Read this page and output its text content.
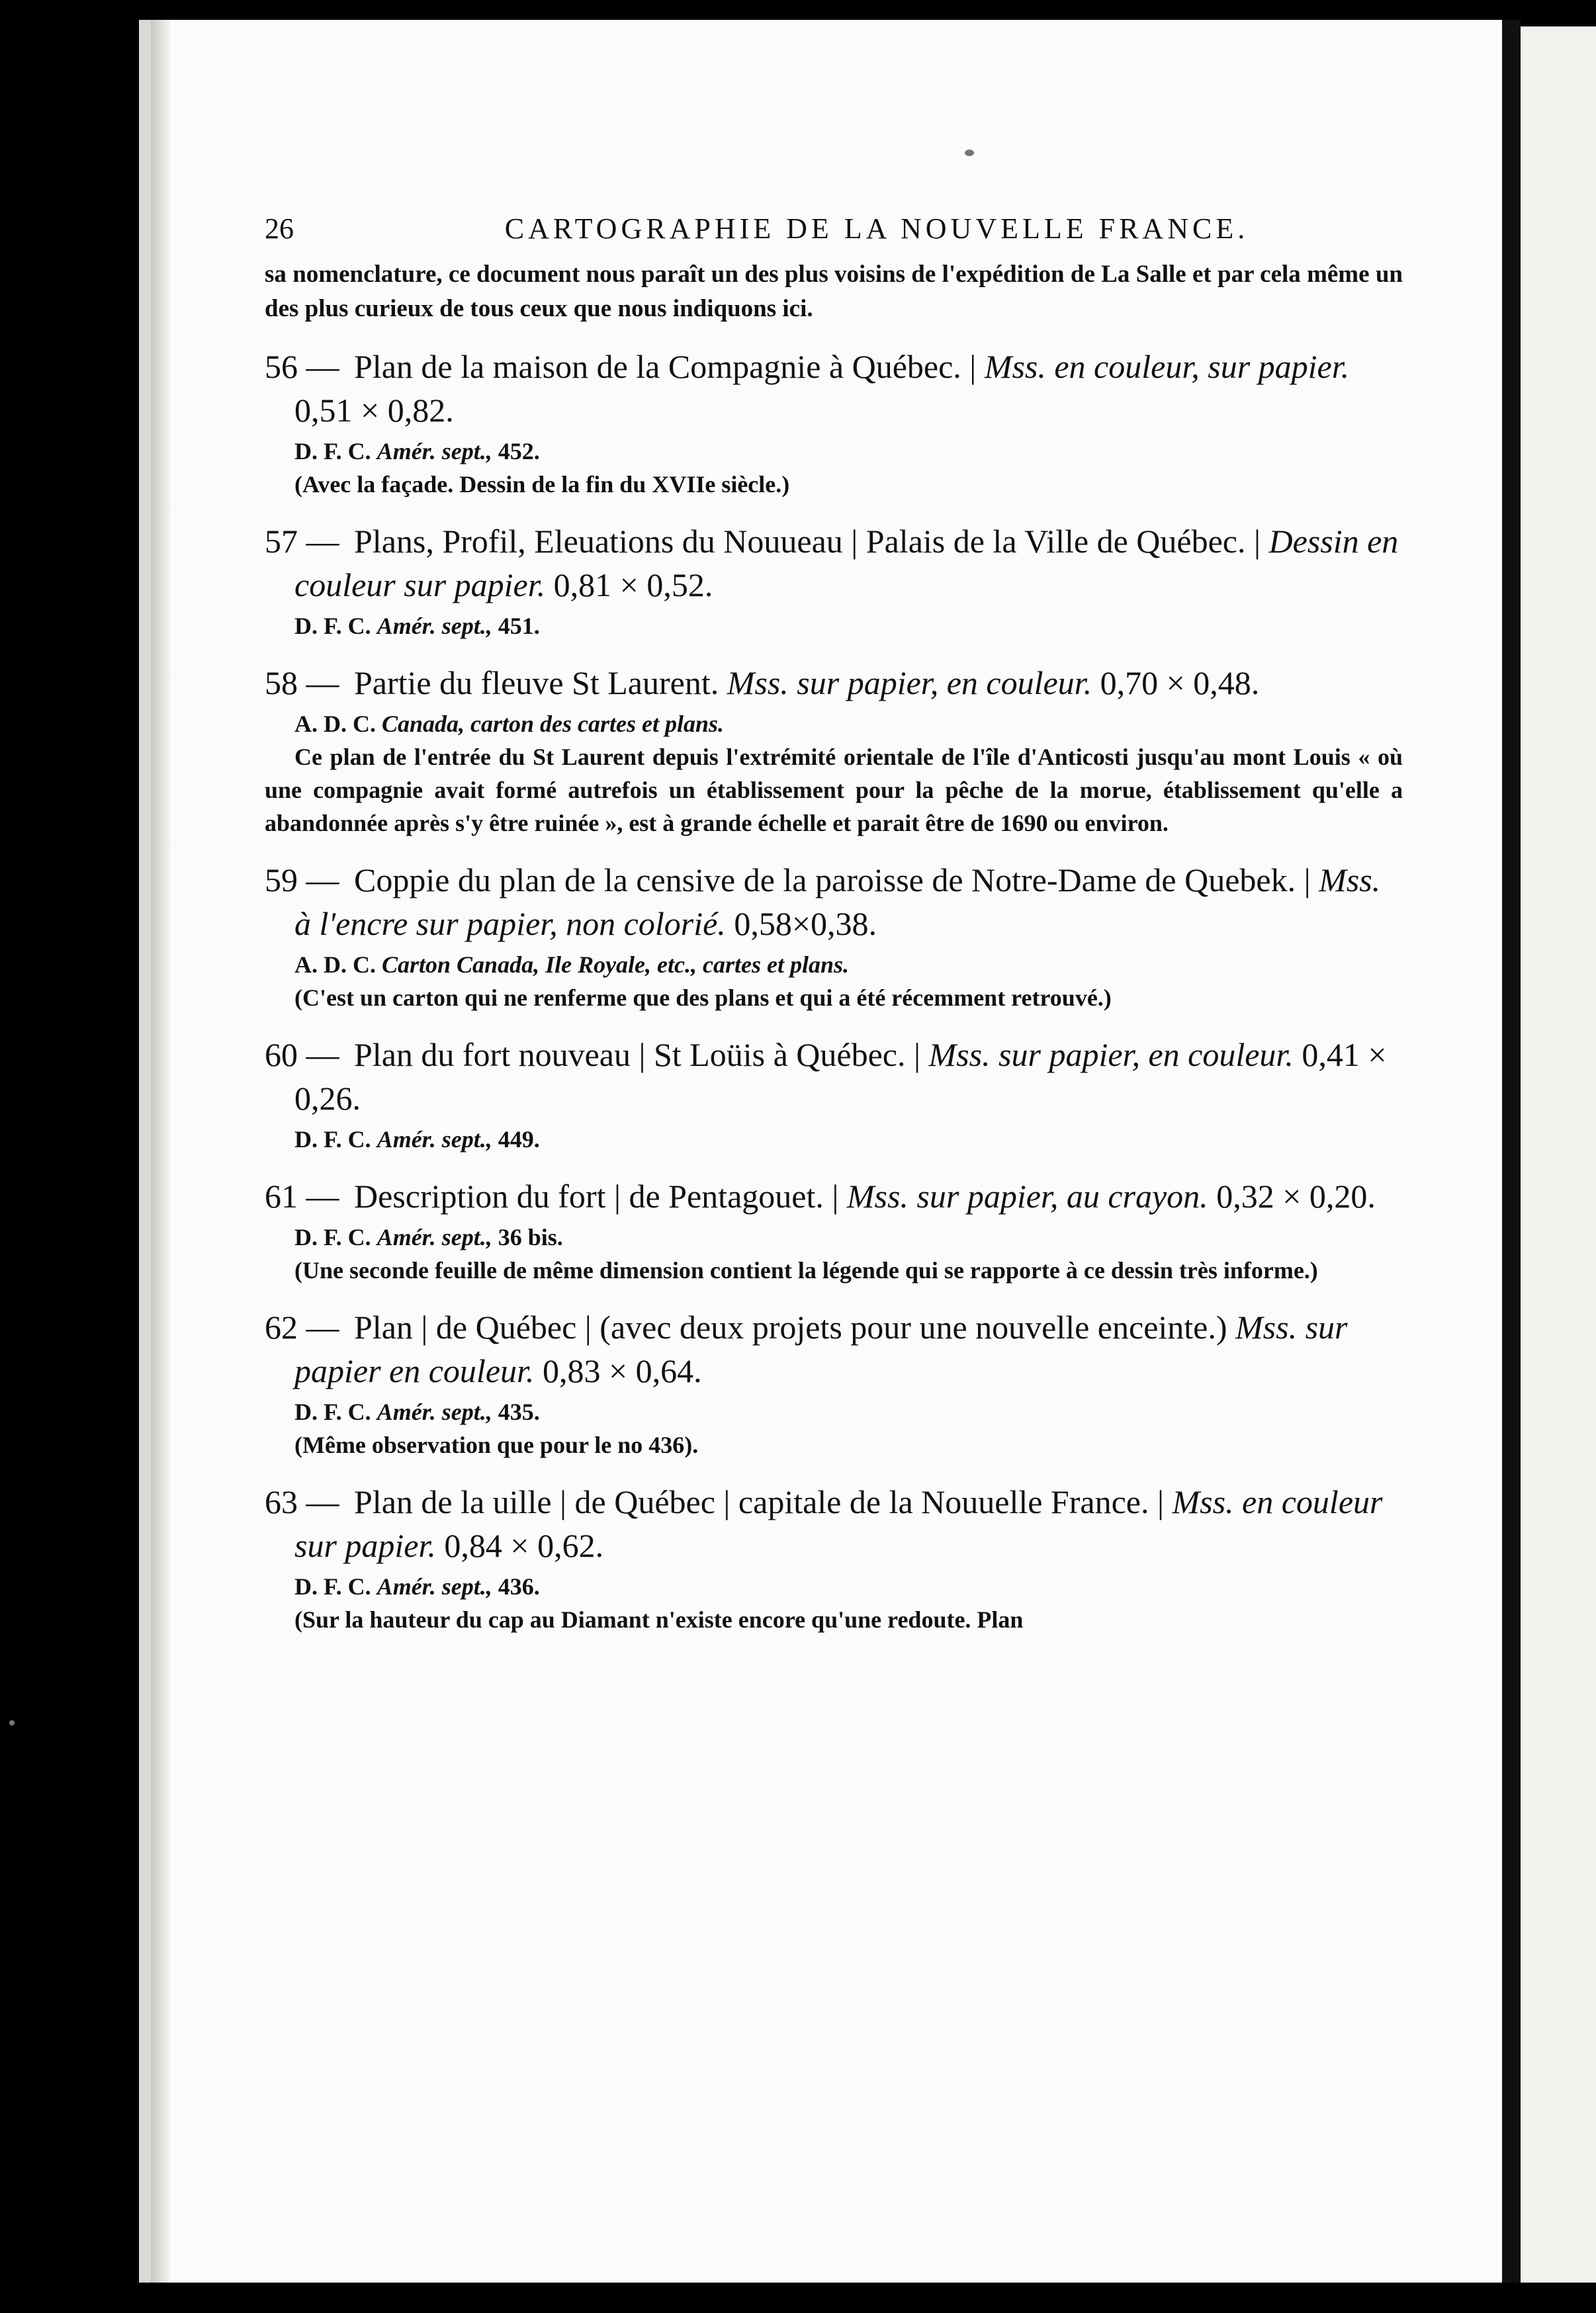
26	CARTOGRAPHIE DE LA NOUVELLE FRANCE.

sa nomenclature, ce document nous paraît un des plus voisins de l'expédition de La Salle et par cela même un des plus curieux de tous ceux que nous indiquons ici.

56 — Plan de la maison de la Compagnie à Québec. | Mss. en couleur, sur papier. 0,51 × 0,82.

D. F. C. Amér. sept., 452.

(Avec la façade. Dessin de la fin du XVIIe siècle.)

57 — Plans, Profil, Eleuations du Nouueau | Palais de la Ville de Québec. | Dessin en couleur sur papier. 0,81 × 0,52.

D. F. C. Amér. sept., 451.

58 — Partie du fleuve St Laurent. Mss. sur papier, en couleur. 0,70 × 0,48.

A. D. C. Canada, carton des cartes et plans.

Ce plan de l'entrée du St Laurent depuis l'extrémité orientale de l'île d'Anticosti jusqu'au mont Louis « où une compagnie avait formé autrefois un établissement pour la pêche de la morue, établissement qu'elle a abandonnée après s'y être ruinée », est à grande échelle et parait être de 1690 ou environ.

59 — Coppie du plan de la censive de la paroisse de Notre-Dame de Quebek. | Mss. à l'encre sur papier, non colorié. 0,58×0,38.

A. D. C. Carton Canada, Ile Royale, etc., cartes et plans.

(C'est un carton qui ne renferme que des plans et qui a été récemment retrouvé.)

60 — Plan du fort nouveau | St Loüis à Québec. | Mss. sur papier, en couleur. 0,41 × 0,26.

D. F. C. Amér. sept., 449.

61 — Description du fort | de Pentagouet. | Mss. sur papier, au crayon. 0,32 × 0,20.

D. F. C. Amér. sept., 36 bis.

(Une seconde feuille de même dimension contient la légende qui se rapporte à ce dessin très informe.)

62 — Plan | de Québec | (avec deux projets pour une nouvelle enceinte.) Mss. sur papier en couleur. 0,83 × 0,64.

D. F. C. Amér. sept., 435.

(Même observation que pour le no 436).

63 — Plan de la uille | de Québec | capitale de la Nouuelle France. | Mss. en couleur sur papier. 0,84 × 0,62.

D. F. C. Amér. sept., 436.

(Sur la hauteur du cap au Diamant n'existe encore qu'une redoute. Plan
